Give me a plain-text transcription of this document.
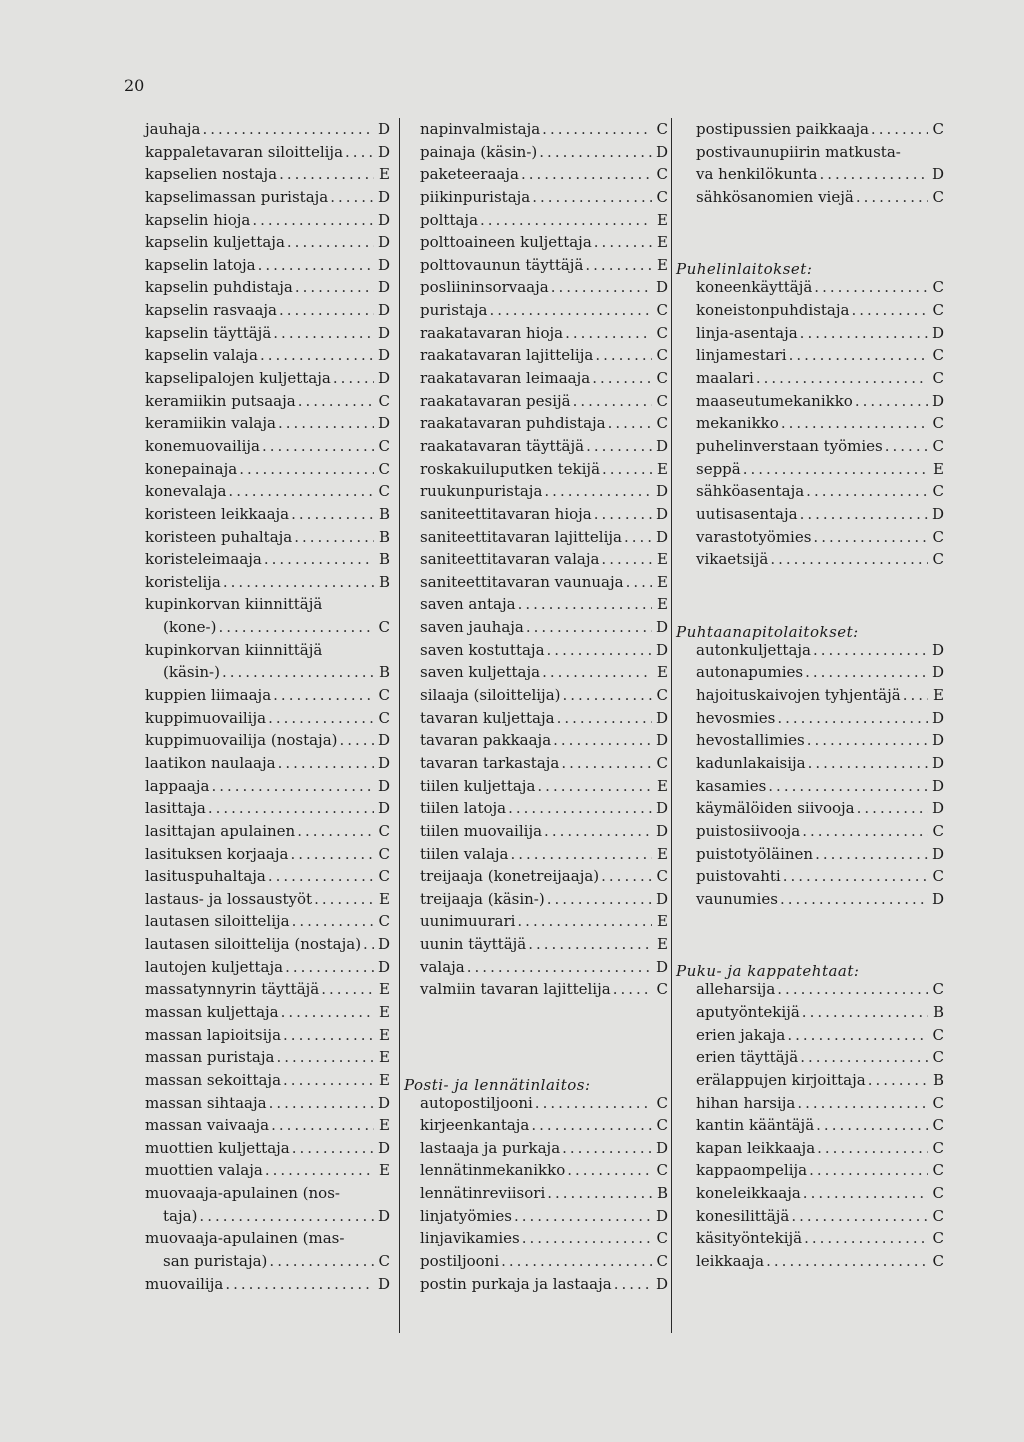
20
jauhaja .....	D
kappaletavaran siloittelija ..... D
kapselien nostaja .....	E
kapselimassan puristaja .....	D
kapselin hioja .....	D
kapselin kuljettaja .....	D
kapselin latoja .....	D
kapselin puhdistaja .....	D
kapselin rasvaaja .....	D
kapselin täyttäjä .....	D
kapselin valaja .....	D
kapselipalojen kuljettaja .....	D
keramiikin putsaaja .....	C
keramiikin valaja .....	D
konemuovailija .....	C
konepainaja .....	C
konevalaja .....	C
koristeen leikkaaja .....	B
koristeen puhaltaja .....	B
koristeleimaaja .....	B
koristelija .....	B
kupinkorvan kiinnittäjä
(kone-) .....	C
kupinkorvan kiinnittäjä
(käsin-) .....	B
kuppien liimaaja .....	C
kuppimuovailija .....	C
kuppimuovailija (nostaja) .....	D
laatikon naulaaja .....	D
lappaaja .....	D
lasittaja .....	D
lasittajan apulainen .....	C
lasituksen korjaaja .....	C
lasituspuhaltaja .....	C
lastaus- ja lossaustyöt .....	E
lautasen siloittelija .....	C
lautasen siloittelija (nostaja) ..... D
lautojen kuljettaja .....	D
massatynnyrin täyttäjä .....	E
massan kuljettaja .....	E
massan lapioitsija .....	E
massan puristaja .....	E
massan sekoittaja .....	E
massan sihtaaja .....	D
massan vaivaaja .....	E
muottien kuljettaja .....	D
muottien valaja .....	E
muovaaja-apulainen (nos-
taja) .....	D
muovaaja-apulainen (mas-
san puristaja) .....	C
muovailija .....	D
napinvalmistaja .....	C
painaja (käsin-) .....	D
paketeeraaja .....	C
piikinpuristaja .....	C
polttaja .....	E
polttoaineen kuljettaja .....	E
polttovaunun täyttäjä .....	E
posliininsorvaaja .....	D
puristaja .....	C
raakatavaran hioja .....	C
raakatavaran lajittelija .....	C
raakatavaran leimaaja .....	C
raakatavaran pesijä .....	C
raakatavaran puhdistaja .....	C
raakatavaran täyttäjä .....	D
roskakuiluputken tekijä .....	E
ruukunpuristaja .....	D
saniteettitavaran hioja .....	D
saniteettitavaran lajittelija ..... D
saniteettitavaran valaja .....	E
saniteettitavaran vaunuaja ..... E
saven antaja .....	E
saven jauhaja .....	D
saven kostuttaja .....	D
saven kuljettaja .....	E
silaaja (siloittelija) .....	C
tavaran kuljettaja .....	D
tavaran pakkaaja .....	D
tavaran tarkastaja .....	C
tiilen kuljettaja .....	E
tiilen latoja .....	D
tiilen muovailija .....	D
tiilen valaja .....	E
treijaaja (konetreijaaja) .....	C
treijaaja (käsin-) .....	D
uunimuurari .....	E
uunin täyttäjä .....	E
valaja .....	D
valmiin tavaran lajittelija .....	C
Posti- ja lennätinlaitos:
autopostiljooni .....	C
kirjeenkantaja .....	C
lastaaja ja purkaja .....	D
lennätinmekanikko .....	C
lennätinreviisori .....	B
linjatyömies .....	D
linjavikamies .....	C
postiljooni .....	C
postin purkaja ja lastaaja .....	D
postipussien paikkaaja .....	C
postivaunupiirin matkusta-
va henkilökunta .....	D
sähkösanomien viejä .....	C
Puhelinlaitokset:
koneenkäyttäjä .....	C
koneistonpuhdistaja .....	C
linja-asentaja .....	D
linjamestari .....	C
maalari .....	C
maaseutumekanikko .....	D
mekanikko .....	C
puhelinverstaan työmies .....	C
seppä .....	E
sähköasentaja .....	C
uutisasentaja .....	D
varastotyömies .....	C
vikaetsijä .....	C
Puhtaanapitolaitokset:
autonkuljettaja .....	D
autonapumies .....	D
hajoituskaivojen tyhjentäjä ..... E
hevosmies .....	D
hevostallimies .....	D
kadunlakaisija .....	D
kasamies .....	D
käymälöiden siivooja .....	D
puistosiivooja .....	C
puistotyöläinen .....	D
puistovahti .....	C
vaunumies .....	D
Puku- ja kappatehtaat:
alleharsija .....	C
aputyöntekijä .....	B
erien jakaja .....	C
erien täyttäjä .....	C
erälappujen kirjoittaja .....	B
hihan harsija .....	C
kantin kääntäjä .....	C
kapan leikkaaja .....	C
kappaompelija .....	C
koneleikkaaja .....	C
konesilittäjä .....	C
käsityöntekijä .....	C
leikkaaja .....	C
